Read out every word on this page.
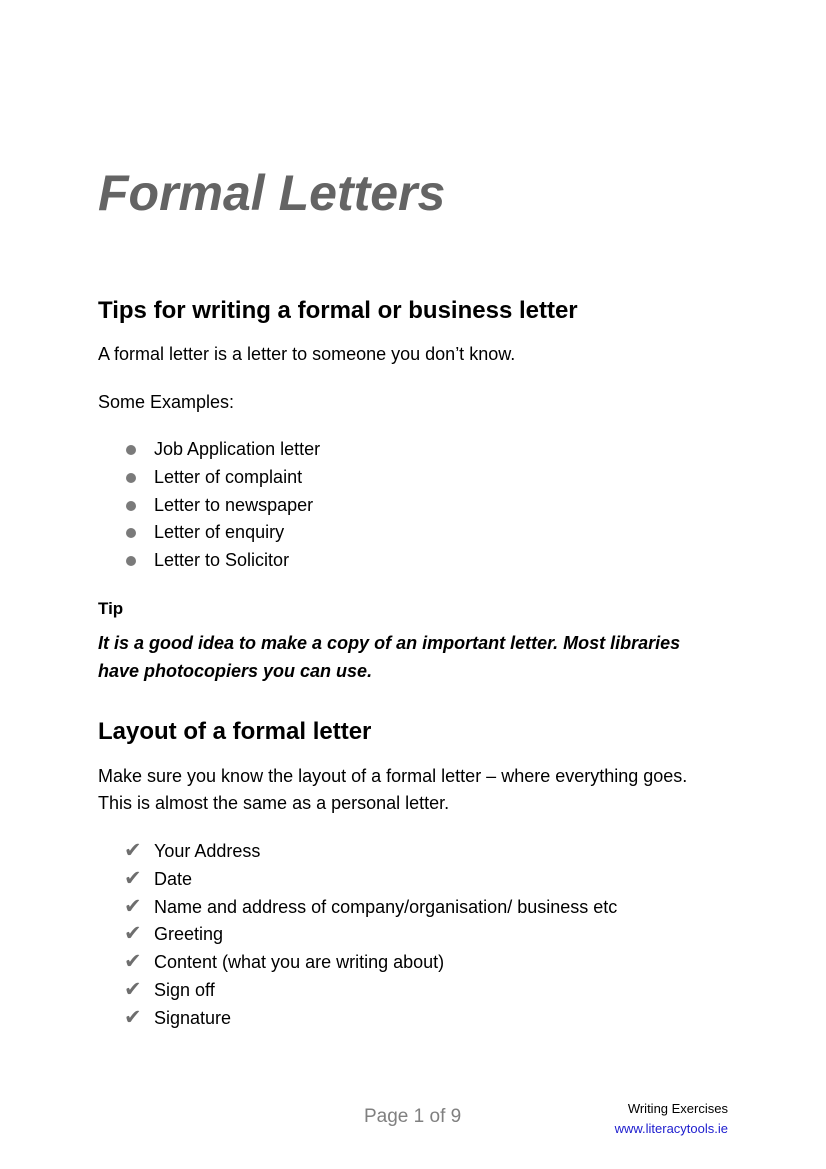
Formal Letters
Tips for writing a formal or business letter

A formal letter is a letter to someone you don’t know.

Some Examples:

Job Application letter
Letter of complaint
Letter to newspaper
Letter of enquiry
Letter to Solicitor

Tip

It is a good idea to make a copy of an important letter. Most libraries have photocopiers you can use.

Layout of a formal letter

Make sure you know the layout of a formal letter – where everything goes. This is almost the same as a personal letter.

✔ Your Address
✔ Date
✔ Name and address of company/organisation/ business etc
✔ Greeting
✔ Content (what you are writing about)
✔ Sign off
✔ Signature
Page 1 of 9	Writing Exercises
www.literacytools.ie
